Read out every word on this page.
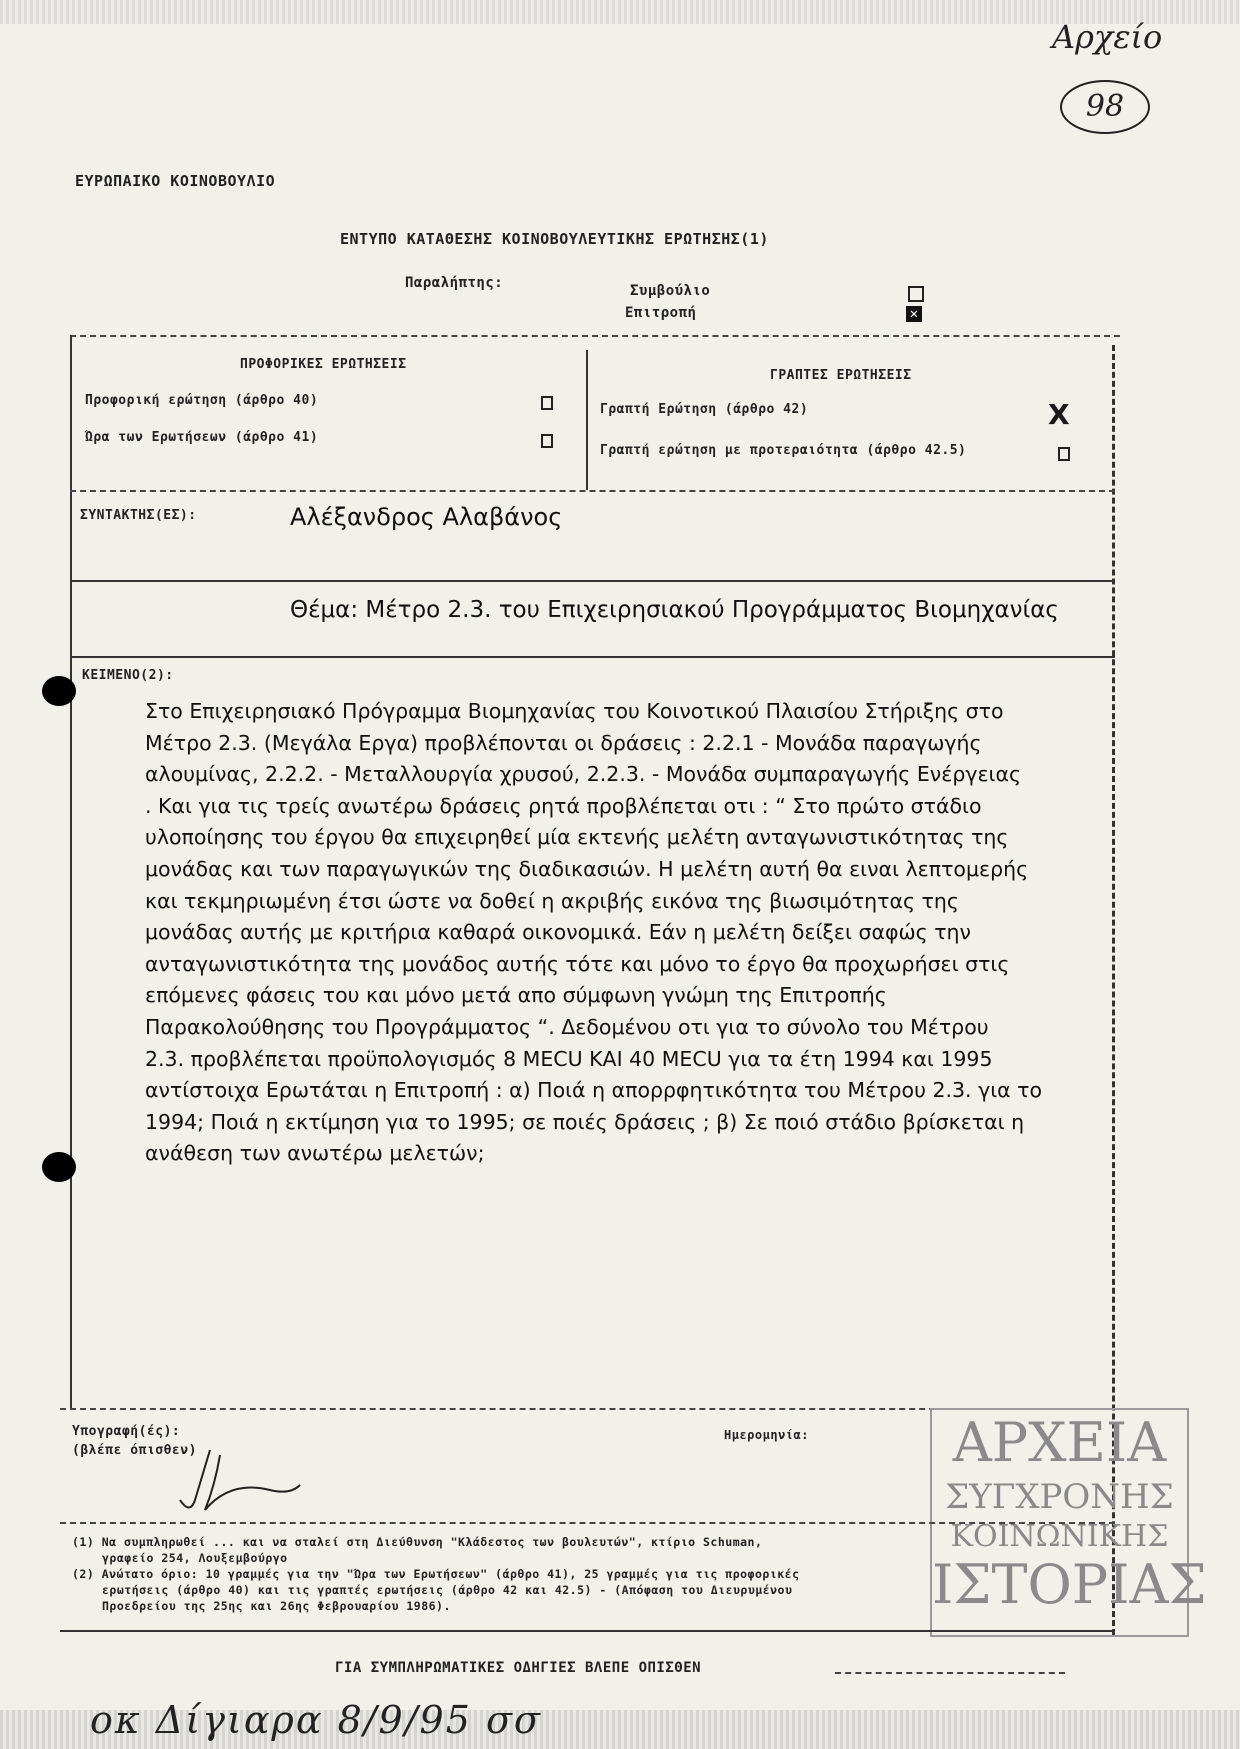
Αρχείο
98
ΕΥΡΩΠΑΙΚΟ ΚΟΙΝΟΒΟΥΛΙΟ
ΕΝΤΥΠΟ ΚΑΤΑΘΕΣΗΣ ΚΟΙΝΟΒΟΥΛΕΥΤΙΚΗΣ ΕΡΩΤΗΣΗΣ(1)
Παραλήπτης:	Συμβούλιο
Επιτροπή	✕
ΠΡΟΦΟΡΙΚΕΣ ΕΡΩΤΗΣΕΙΣ
Προφορική ερώτηση (άρθρο 40)
Ώρα των Ερωτήσεων (άρθρο 41)
ΓΡΑΠΤΕΣ ΕΡΩΤΗΣΕΙΣ
Γραπτή Ερώτηση (άρθρο 42)	X
Γραπτή ερώτηση με προτεραιότητα (άρθρο 42.5)
ΣΥΝΤΑΚΤΗΣ(ΕΣ):	Αλέξανδρος Αλαβάνος
Θέμα: Μέτρο 2.3. του Επιχειρησιακού Προγράμματος Βιομηχανίας
ΚΕΙΜΕΝΟ(2):
Στο Επιχειρησιακό Πρόγραμμα Βιομηχανίας του Κοινοτικού Πλαισίου Στήριξης στο
Μέτρο 2.3. (Μεγάλα Εργα) προβλέπονται οι δράσεις : 2.2.1 - Μονάδα παραγωγής
αλουμίνας, 2.2.2. - Μεταλλουργία χρυσού, 2.2.3. - Μονάδα συμπαραγωγής Ενέργειας
. Και για τις τρείς ανωτέρω δράσεις ρητά προβλέπεται οτι : “ Στο πρώτο στάδιο
υλοποίησης του έργου θα επιχειρηθεί μία εκτενής μελέτη ανταγωνιστικότητας της
μονάδας και των παραγωγικών της διαδικασιών. Η μελέτη αυτή θα ειναι λεπτομερής
και τεκμηριωμένη έτσι ώστε να δοθεί η ακριβής εικόνα της βιωσιμότητας της
μονάδας αυτής με κριτήρια καθαρά οικονομικά. Εάν η μελέτη δείξει σαφώς την
ανταγωνιστικότητα της μονάδος αυτής τότε και μόνο το έργο θα προχωρήσει στις
επόμενες φάσεις του και μόνο μετά απο σύμφωνη γνώμη της Επιτροπής
Παρακολούθησης του Προγράμματος “. Δεδομένου οτι για το σύνολο του Μέτρου
2.3. προβλέπεται προϋπολογισμός 8 MECU ΚΑΙ 40 MECU για τα έτη 1994 και 1995
αντίστοιχα Ερωτάται η Επιτροπή : α) Ποιά η απορρφητικότητα του Μέτρου 2.3. για το
1994; Ποιά η εκτίμηση για το 1995; σε ποιές δράσεις ; β) Σε ποιό στάδιο βρίσκεται η
ανάθεση των ανωτέρω μελετών;
Υπογραφή(ές):
(βλέπε όπισθεν)
Ημερομηνία:	ΑΡΧΕΙΑ
ΣΥΓΧΡΟΝΗΣ
ΚΟΙΝΩΝΙΚΗΣ
ΙΣΤΟΡΙΑΣ
(1) Να συμπληρωθεί ... και να σταλεί στη Διεύθυνση "Κλάδεστος των βουλευτών", κτίριο Schuman,
γραφείο 254, Λουξεμβούργο
(2) Ανώτατο όριο: 10 γραμμές για την "Ώρα των Ερωτήσεων" (άρθρο 41), 25 γραμμές για τις προφορικές
ερωτήσεις (άρθρο 40) και τις γραπτές ερωτήσεις (άρθρο 42 και 42.5) - (Απόφαση του Διευρυμένου
Προεδρείου της 25ης και 26ης Φεβρουαρίου 1986).
ΓΙΑ ΣΥΜΠΛΗΡΩΜΑΤΙΚΕΣ ΟΔΗΓΙΕΣ ΒΛΕΠΕ ΟΠΙΣΘΕΝ
οκ Δίγιαρα 8/9/95 σσ
